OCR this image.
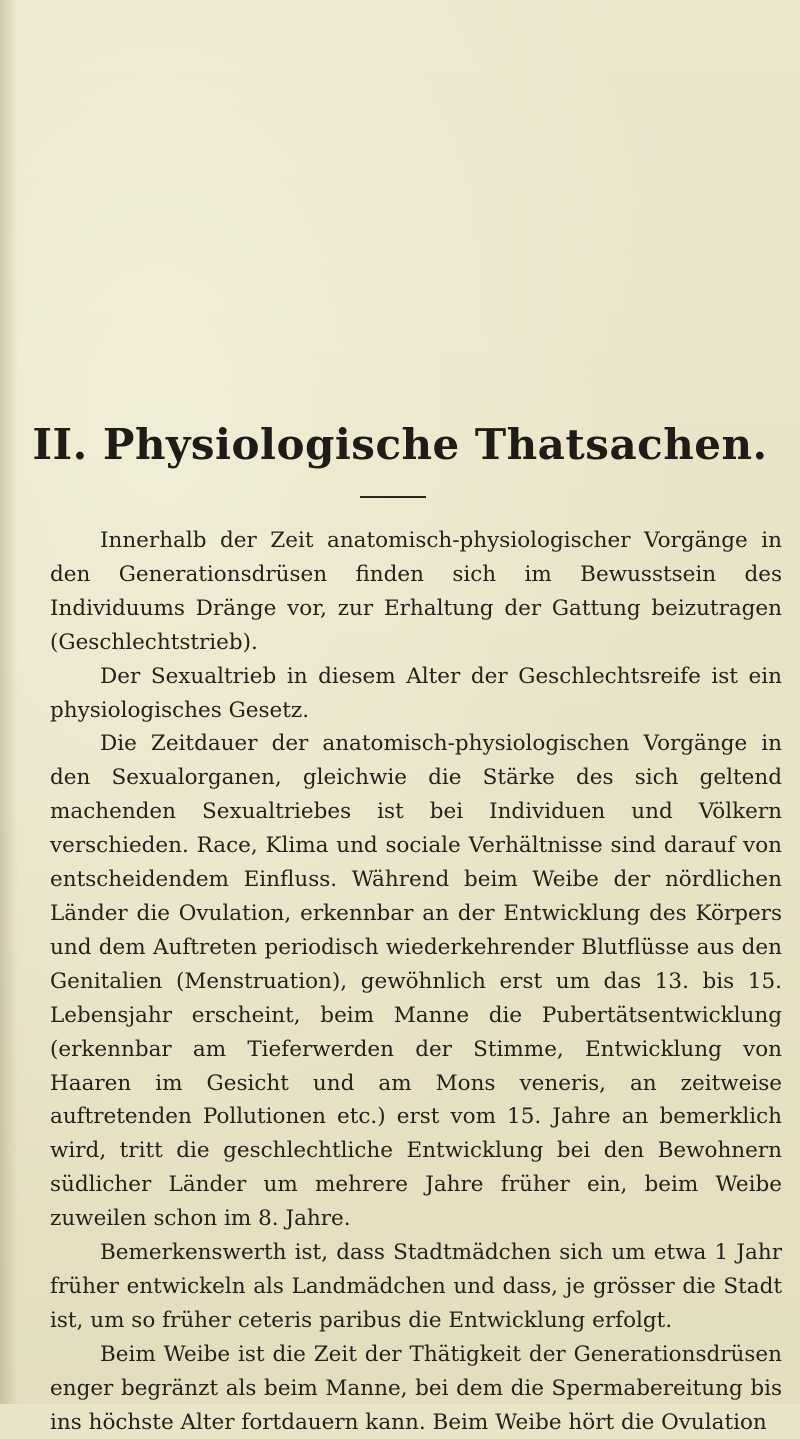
II. Physiologische Thatsachen.

Innerhalb der Zeit anatomisch-physiologischer Vorgänge in den Generationsdrüsen finden sich im Bewusstsein des Individuums Dränge vor, zur Erhaltung der Gattung beizutragen (Geschlechtstrieb).

Der Sexualtrieb in diesem Alter der Geschlechtsreife ist ein physiologisches Gesetz.

Die Zeitdauer der anatomisch-physiologischen Vorgänge in den Sexualorganen, gleichwie die Stärke des sich geltend machenden Sexualtriebes ist bei Individuen und Völkern verschieden. Race, Klima und sociale Verhältnisse sind darauf von entscheidendem Einfluss. Während beim Weibe der nördlichen Länder die Ovulation, erkennbar an der Entwicklung des Körpers und dem Auftreten periodisch wiederkehrender Blutflüsse aus den Genitalien (Menstruation), gewöhnlich erst um das 13. bis 15. Lebensjahr erscheint, beim Manne die Pubertätsentwicklung (erkennbar am Tieferwerden der Stimme, Entwicklung von Haaren im Gesicht und am Mons veneris, an zeitweise auftretenden Pollutionen etc.) erst vom 15. Jahre an bemerklich wird, tritt die geschlechtliche Entwicklung bei den Bewohnern südlicher Länder um mehrere Jahre früher ein, beim Weibe zuweilen schon im 8. Jahre.

Bemerkenswerth ist, dass Stadtmädchen sich um etwa 1 Jahr früher entwickeln als Landmädchen und dass, je grösser die Stadt ist, um so früher ceteris paribus die Entwicklung erfolgt.

Beim Weibe ist die Zeit der Thätigkeit der Generationsdrüsen enger begränzt als beim Manne, bei dem die Spermabereitung bis ins höchste Alter fortdauern kann. Beim Weibe hört die Ovulation
